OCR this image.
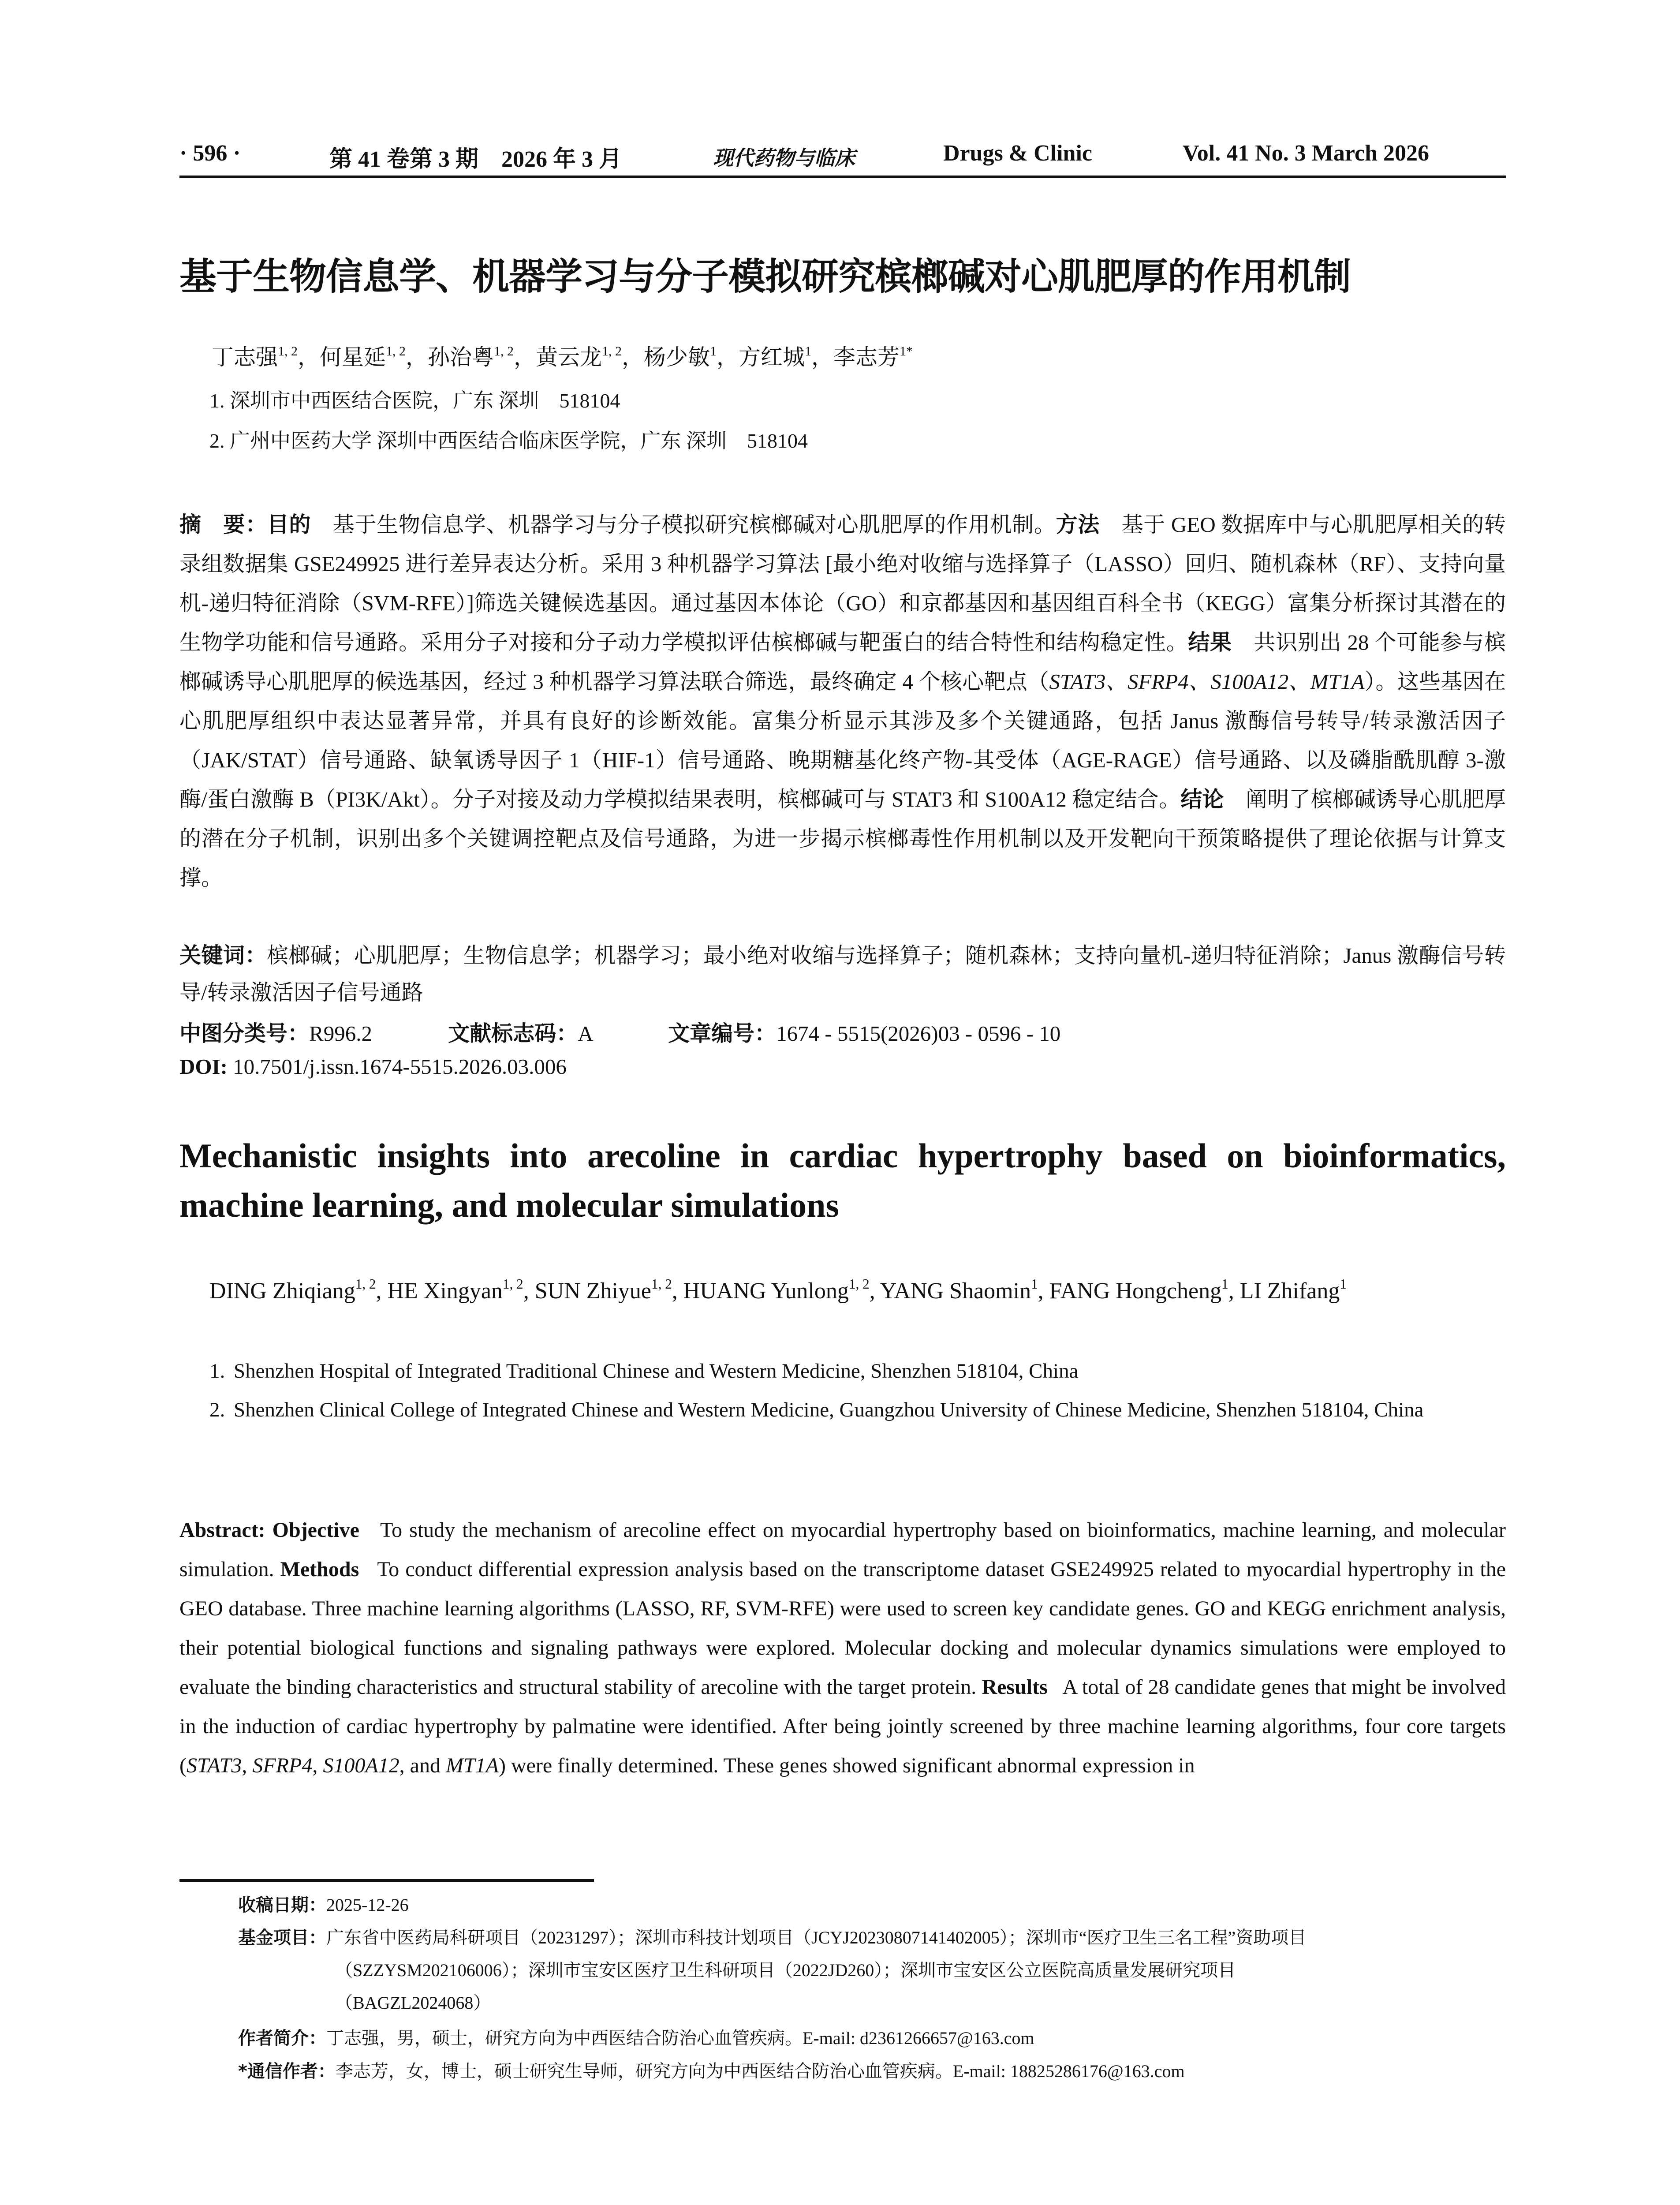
· 596 ·	第 41 卷第 3 期　2026 年 3 月	现代药物与临床	Drugs & Clinic	Vol. 41 No. 3 March 2026
基于生物信息学、机器学习与分子模拟研究槟榔碱对心肌肥厚的作用机制
丁志强$^{1, 2}$，何星延$^{1, 2}$，孙治粤$^{1, 2}$，黄云龙$^{1, 2}$，杨少敏$^1$，方红城$^1$，李志芳$^{1*}$
1. 深圳市中西医结合医院，广东 深圳　518104
2. 广州中医药大学 深圳中西医结合临床医学院，广东 深圳　518104
摘　要：目的　 基于生物信息学、机器学习与分子模拟研究槟榔碱对心肌肥厚的作用机制。方法　 基于 GEO 数据库中与心肌肥厚相关的转录组数据集 GSE249925 进行差异表达分析。采用 3 种机器学习算法 [最小绝对收缩与选择算子（LASSO）回归、随机森林（RF）、支持向量机-递归特征消除（SVM-RFE）]筛选关键候选基因。通过基因本体论（GO）和京都基因和基因组百科全书（KEGG）富集分析探讨其潜在的生物学功能和信号通路。采用分子对接和分子动力学模拟评估槟榔碱与靶蛋白的结合特性和结构稳定性。结果　 共识别出 28 个可能参与槟榔碱诱导心肌肥厚的候选基因，经过 3 种机器学习算法联合筛选，最终确定 4 个核心靶点（STAT3、SFRP4、S100A12、MT1A）。这些基因在心肌肥厚组织中表达显著异常，并具有良好的诊断效能。富集分析显示其涉及多个关键通路，包括 Janus 激酶信号转导/转录激活因子（JAK/STAT）信号通路、缺氧诱导因子 1（HIF-1）信号通路、晚期糖基化终产物-其受体（AGE-RAGE）信号通路、以及磷脂酰肌醇 3-激酶/蛋白激酶 B（PI3K/Akt）。分子对接及动力学模拟结果表明，槟榔碱可与 STAT3 和 S100A12 稳定结合。结论　 阐明了槟榔碱诱导心肌肥厚的潜在分子机制，识别出多个关键调控靶点及信号通路，为进一步揭示槟榔毒性作用机制以及开发靶向干预策略提供了理论依据与计算支撑。
关键词：槟榔碱；心肌肥厚；生物信息学；机器学习；最小绝对收缩与选择算子；随机森林；支持向量机-递归特征消除；Janus 激酶信号转导/转录激活因子信号通路
中图分类号：R996.2	文献标志码：A	文章编号：1674 - 5515(2026)03 - 0596 - 10
DOI: 10.7501/j.issn.1674-5515.2026.03.006
Mechanistic insights into arecoline in cardiac hypertrophy based on bioinformatics, machine learning, and molecular simulations
DING Zhiqiang$^{1, 2}$, HE Xingyan$^{1, 2}$, SUN Zhiyue$^{1, 2}$, HUANG Yunlong$^{1, 2}$, YANG Shaomin$^1$, FANG Hongcheng$^1$, LI Zhifang$^1$
1. Shenzhen Hospital of Integrated Traditional Chinese and Western Medicine, Shenzhen 518104, China
2. Shenzhen Clinical College of Integrated Chinese and Western Medicine, Guangzhou University of Chinese Medicine, Shenzhen 518104, China
Abstract: Objective To study the mechanism of arecoline effect on myocardial hypertrophy based on bioinformatics, machine learning, and molecular simulation. Methods To conduct differential expression analysis based on the transcriptome dataset GSE249925 related to myocardial hypertrophy in the GEO database. Three machine learning algorithms (LASSO, RF, SVM-RFE) were used to screen key candidate genes. GO and KEGG enrichment analysis, their potential biological functions and signaling pathways were explored. Molecular docking and molecular dynamics simulations were employed to evaluate the binding characteristics and structural stability of arecoline with the target protein. Results A total of 28 candidate genes that might be involved in the induction of cardiac hypertrophy by palmatine were identified. After being jointly screened by three machine learning algorithms, four core targets (STAT3, SFRP4, S100A12, and MT1A) were finally determined. These genes showed significant abnormal expression in
收稿日期：2025-12-26
基金项目：广东省中医药局科研项目（20231297）；深圳市科技计划项目（JCYJ20230807141402005）；深圳市“医疗卫生三名工程”资助项目
（SZZYSM202106006）；深圳市宝安区医疗卫生科研项目（2022JD260）；深圳市宝安区公立医院高质量发展研究项目
（BAGZL2024068）
作者简介：丁志强，男，硕士，研究方向为中西医结合防治心血管疾病。E-mail: d2361266657@163.com
*通信作者：李志芳，女，博士，硕士研究生导师，研究方向为中西医结合防治心血管疾病。E-mail: 18825286176@163.com
